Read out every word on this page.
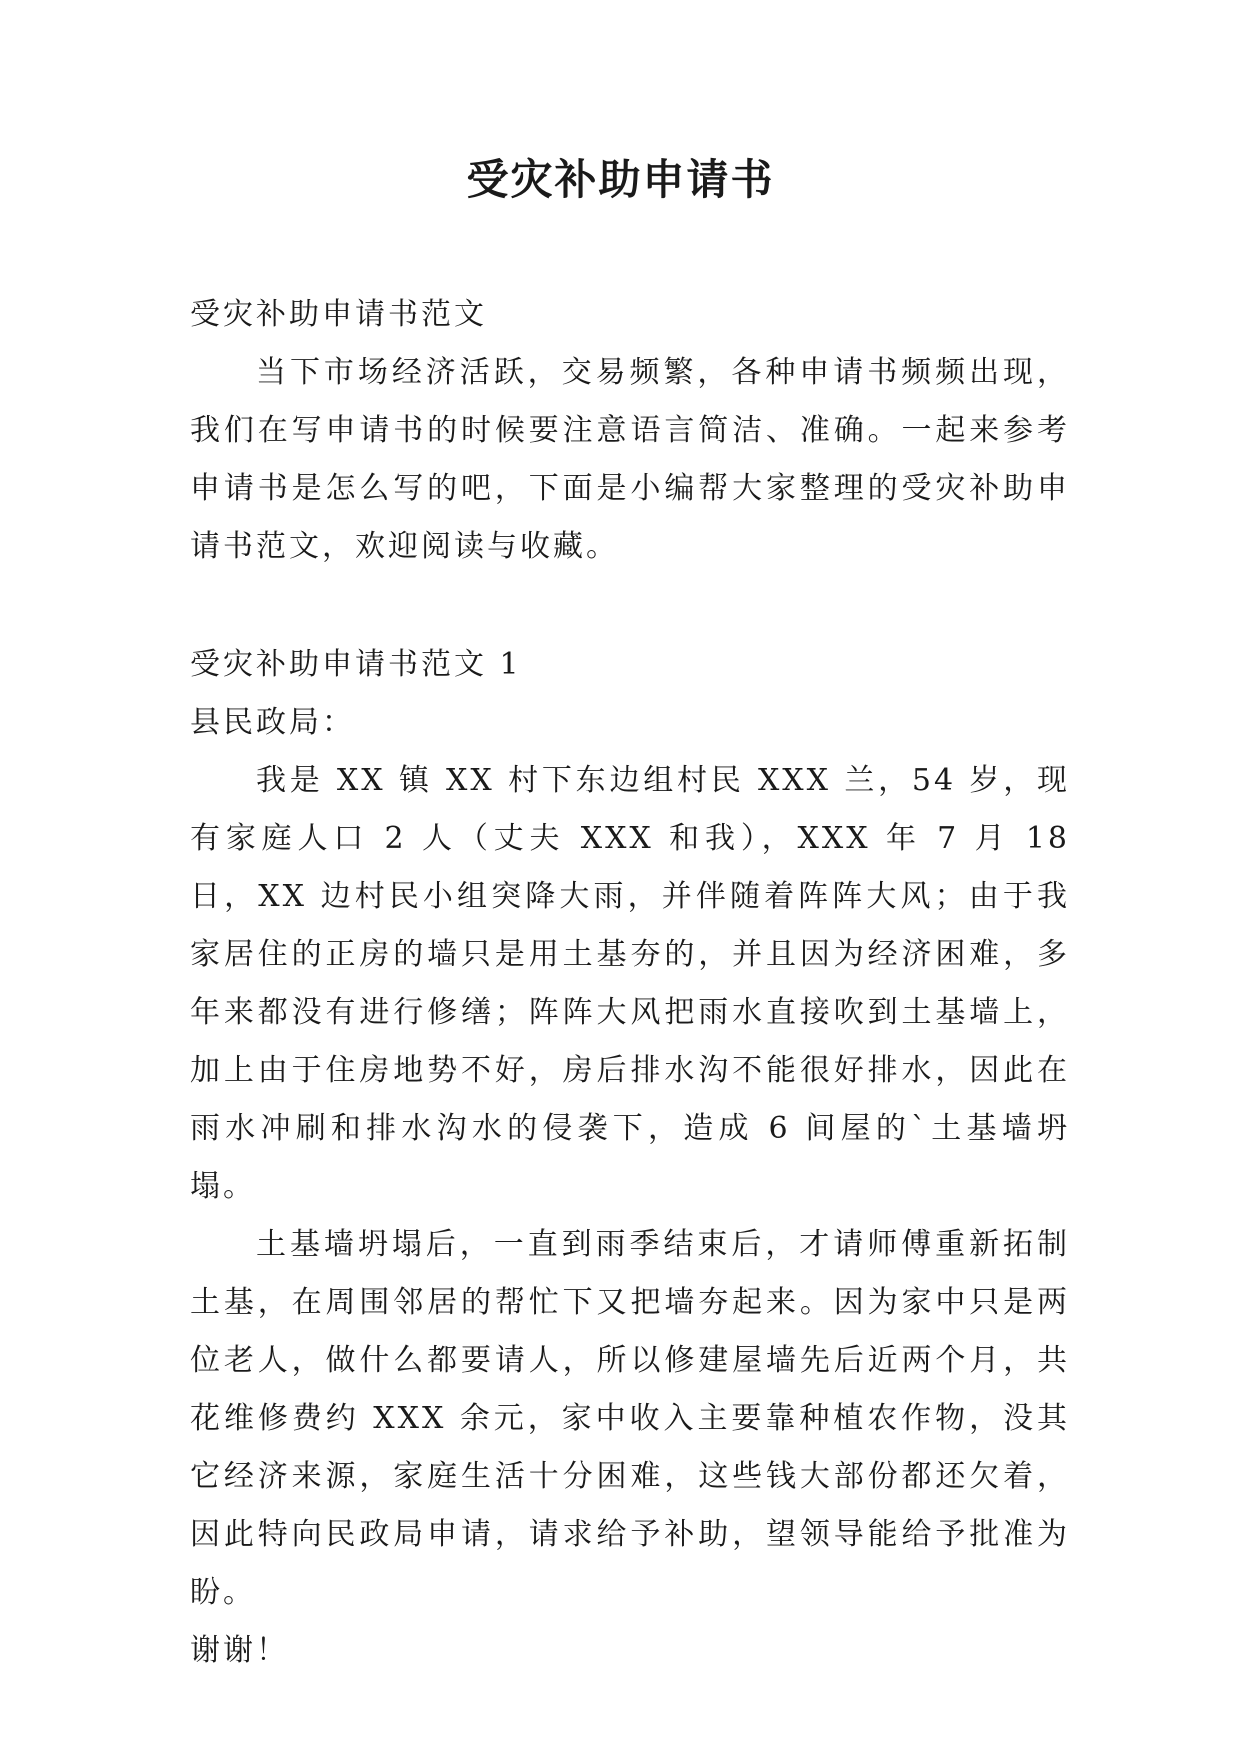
受灾补助申请书

受灾补助申请书范文

当下市场经济活跃，交易频繁，各种申请书频频出现，我们在写申请书的时候要注意语言简洁、准确。一起来参考申请书是怎么写的吧，下面是小编帮大家整理的受灾补助申请书范文，欢迎阅读与收藏。

受灾补助申请书范文 1

县民政局：

我是 XX 镇 XX 村下东边组村民 XXX 兰，54 岁，现有家庭人口 2 人（丈夫 XXX 和我），XXX 年 7 月 18 日，XX 边村民小组突降大雨，并伴随着阵阵大风；由于我家居住的正房的墙只是用土基夯的，并且因为经济困难，多年来都没有进行修缮；阵阵大风把雨水直接吹到土基墙上，加上由于住房地势不好，房后排水沟不能很好排水，因此在雨水冲刷和排水沟水的侵袭下，造成 6 间屋的`土基墙坍塌。

土基墙坍塌后，一直到雨季结束后，才请师傅重新拓制土基，在周围邻居的帮忙下又把墙夯起来。因为家中只是两位老人，做什么都要请人，所以修建屋墙先后近两个月，共花维修费约 XXX 余元，家中收入主要靠种植农作物，没其它经济来源，家庭生活十分困难，这些钱大部份都还欠着，因此特向民政局申请，请求给予补助，望领导能给予批准为盼。

谢谢！
